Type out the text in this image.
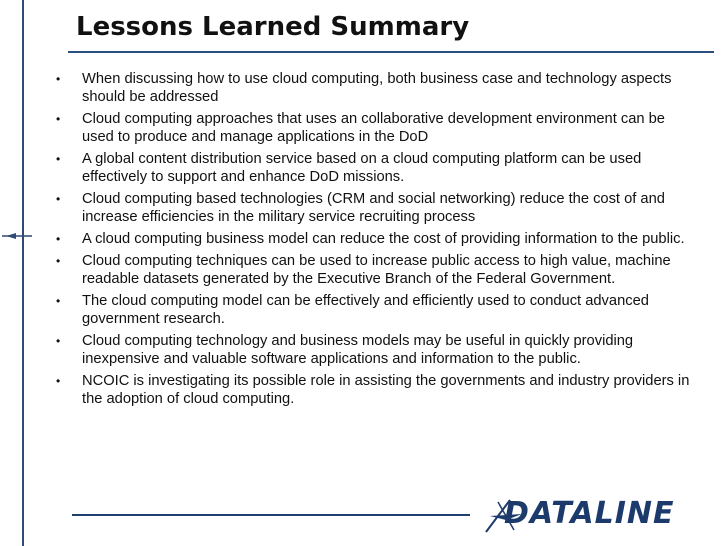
Lessons Learned Summary
• When discussing how to use cloud computing, both business case and technology aspects should be addressed
• Cloud computing approaches that uses an collaborative development environment can be used to produce and manage applications in the DoD
• A global content distribution service based on a cloud computing platform can be used effectively to support and enhance DoD missions.
• Cloud computing based technologies (CRM and social networking) reduce the cost of and increase efficiencies in the military service recruiting process
• A cloud computing business model can reduce the cost of providing information to the public.
• Cloud computing techniques can be used to increase public access to high value, machine readable datasets generated by the Executive Branch of the Federal Government.
• The cloud computing model can be effectively and efficiently used to conduct advanced government research.
• Cloud computing technology and business models may be useful in quickly providing inexpensive and valuable software applications and information to the public.
• NCOIC is investigating its possible role in assisting the governments and industry providers in the adoption of cloud computing.
DATALINE
